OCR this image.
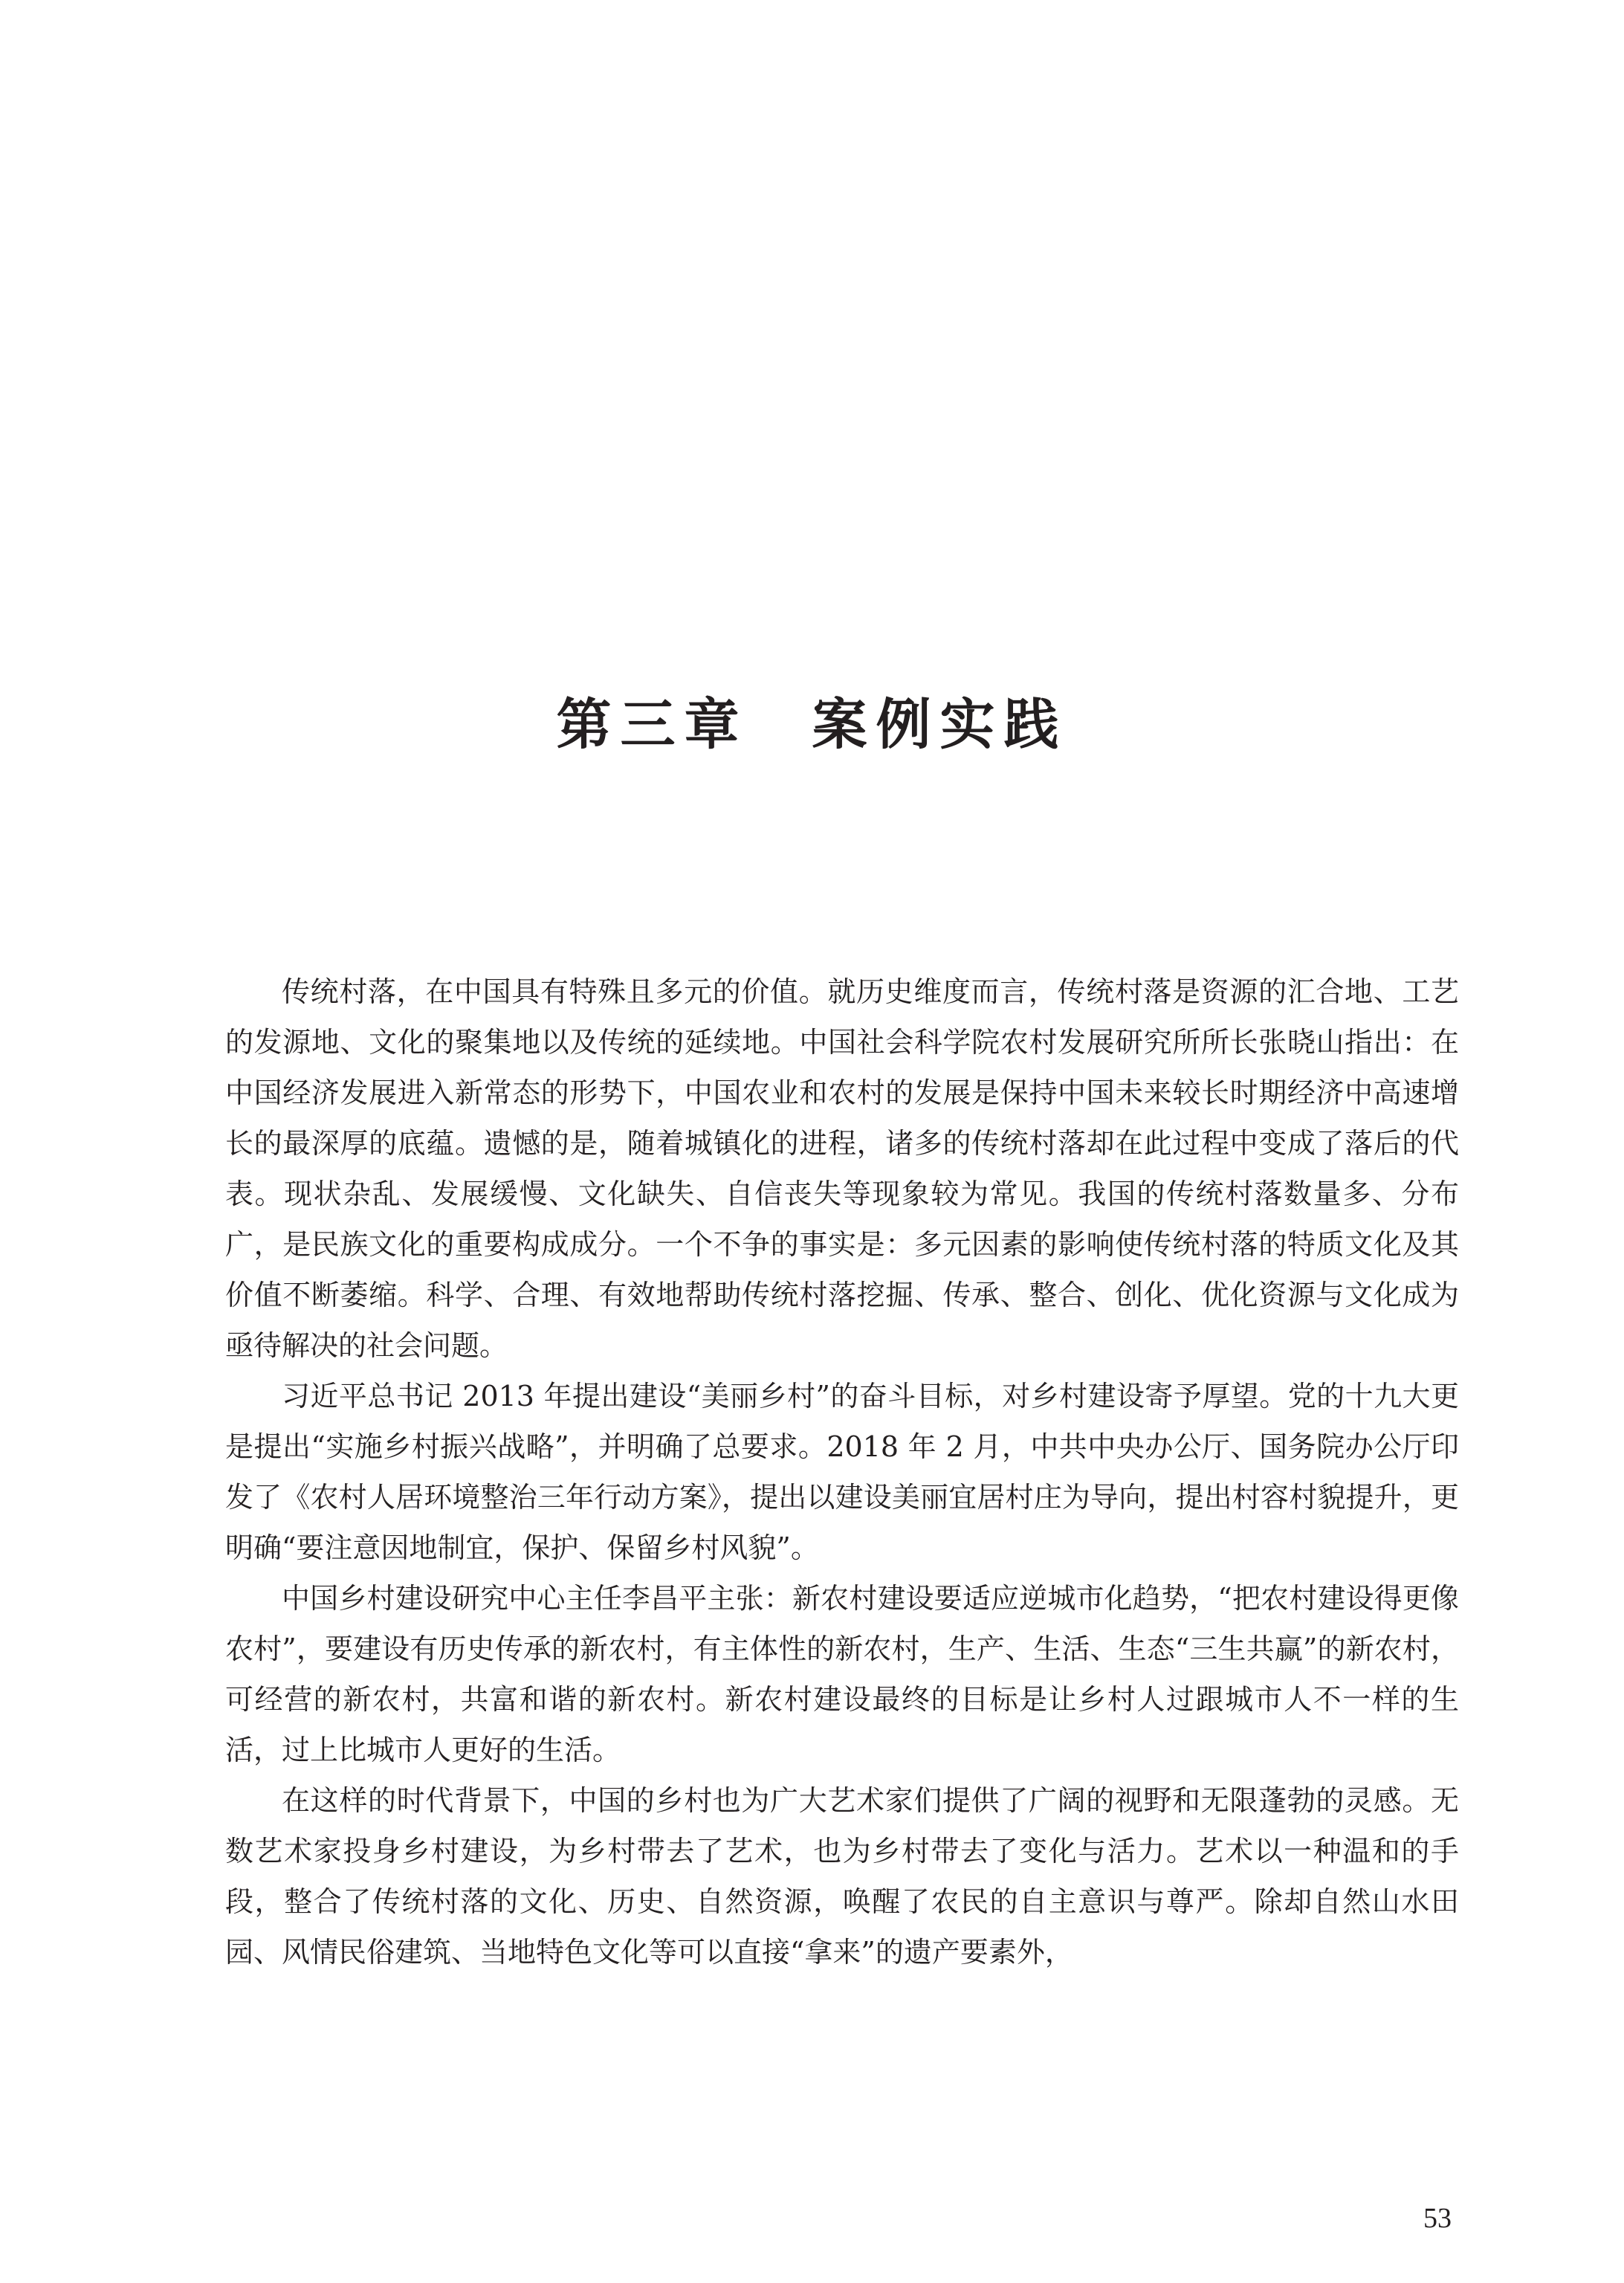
第三章　案例实践

传统村落，在中国具有特殊且多元的价值。就历史维度而言，传统村落是资源的汇合地、工艺的发源地、文化的聚集地以及传统的延续地。中国社会科学院农村发展研究所所长张晓山指出：在中国经济发展进入新常态的形势下，中国农业和农村的发展是保持中国未来较长时期经济中高速增长的最深厚的底蕴。遗憾的是，随着城镇化的进程，诸多的传统村落却在此过程中变成了落后的代表。现状杂乱、发展缓慢、文化缺失、自信丧失等现象较为常见。我国的传统村落数量多、分布广，是民族文化的重要构成成分。一个不争的事实是：多元因素的影响使传统村落的特质文化及其价值不断萎缩。科学、合理、有效地帮助传统村落挖掘、传承、整合、创化、优化资源与文化成为亟待解决的社会问题。

习近平总书记 2013 年提出建设“美丽乡村”的奋斗目标，对乡村建设寄予厚望。党的十九大更是提出“实施乡村振兴战略”，并明确了总要求。2018 年 2 月，中共中央办公厅、国务院办公厅印发了《农村人居环境整治三年行动方案》，提出以建设美丽宜居村庄为导向，提出村容村貌提升，更明确“要注意因地制宜，保护、保留乡村风貌”。

中国乡村建设研究中心主任李昌平主张：新农村建设要适应逆城市化趋势，“把农村建设得更像农村”，要建设有历史传承的新农村，有主体性的新农村，生产、生活、生态“三生共赢”的新农村，可经营的新农村，共富和谐的新农村。新农村建设最终的目标是让乡村人过跟城市人不一样的生活，过上比城市人更好的生活。

在这样的时代背景下，中国的乡村也为广大艺术家们提供了广阔的视野和无限蓬勃的灵感。无数艺术家投身乡村建设，为乡村带去了艺术，也为乡村带去了变化与活力。艺术以一种温和的手段，整合了传统村落的文化、历史、自然资源，唤醒了农民的自主意识与尊严。除却自然山水田园、风情民俗建筑、当地特色文化等可以直接“拿来”的遗产要素外，

53
